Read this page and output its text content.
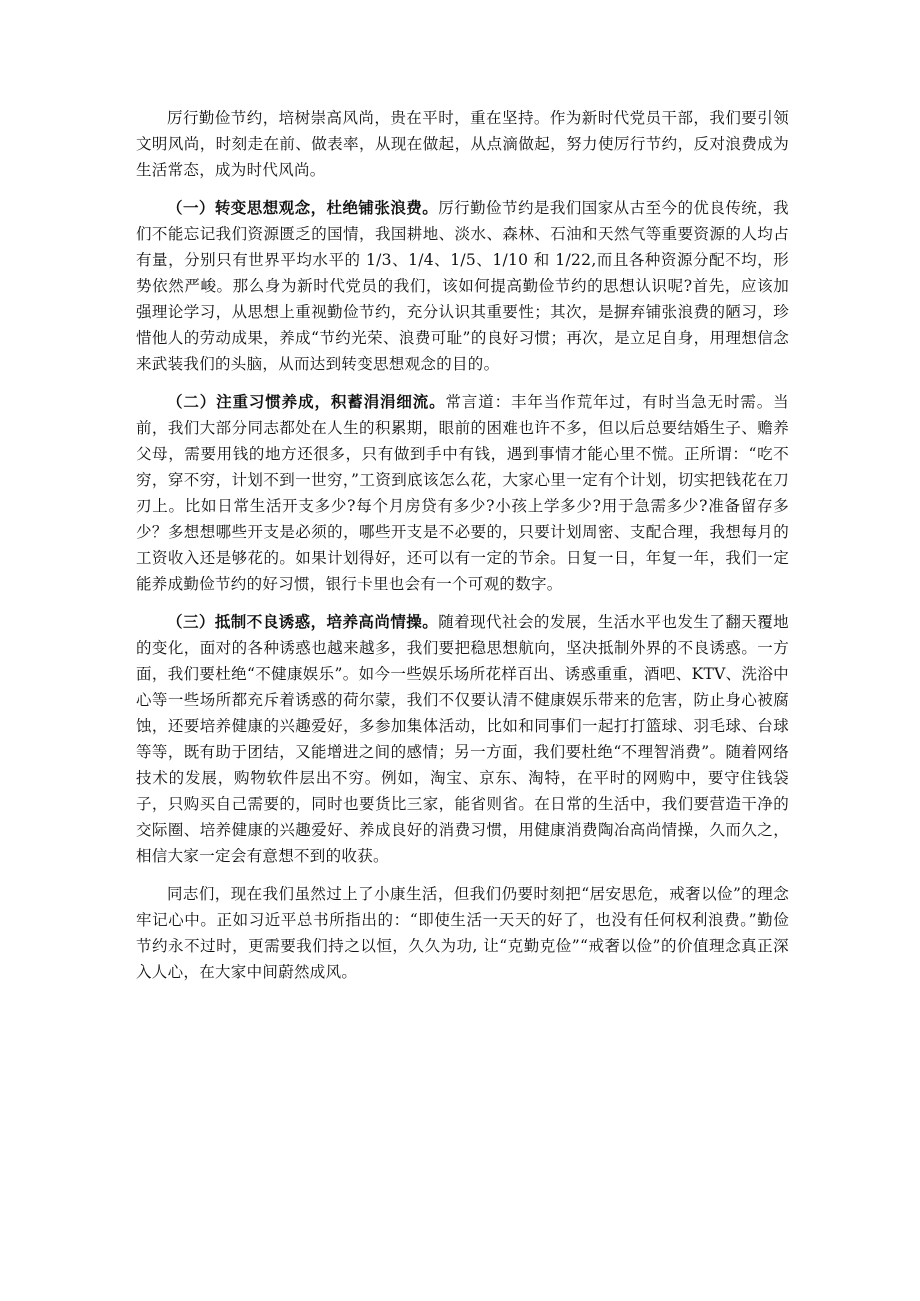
厉行勤俭节约，培树崇高风尚，贵在平时，重在坚持。作为新时代党员干部，我们要引领文明风尚，时刻走在前、做表率，从现在做起，从点滴做起，努力使厉行节约，反对浪费成为生活常态，成为时代风尚。

（一）转变思想观念，杜绝铺张浪费。厉行勤俭节约是我们国家从古至今的优良传统，我们不能忘记我们资源匮乏的国情，我国耕地、淡水、森林、石油和天然气等重要资源的人均占有量，分别只有世界平均水平的 1/3、1/4、1/5、1/10 和 1/22,而且各种资源分配不均，形势依然严峻。那么身为新时代党员的我们，该如何提高勤俭节约的思想认识呢?首先，应该加强理论学习，从思想上重视勤俭节约，充分认识其重要性；其次，是摒弃铺张浪费的陋习，珍惜他人的劳动成果，养成“节约光荣、浪费可耻”的良好习惯；再次，是立足自身，用理想信念来武装我们的头脑，从而达到转变思想观念的目的。

（二）注重习惯养成，积蓄涓涓细流。常言道：丰年当作荒年过，有时当急无时需。当前，我们大部分同志都处在人生的积累期，眼前的困难也许不多，但以后总要结婚生子、赡养父母，需要用钱的地方还很多，只有做到手中有钱，遇到事情才能心里不慌。正所谓：“吃不穷，穿不穷，计划不到一世穷，”工资到底该怎么花，大家心里一定有个计划，切实把钱花在刀刃上。比如日常生活开支多少?每个月房贷有多少?小孩上学多少?用于急需多少?准备留存多少？多想想哪些开支是必须的，哪些开支是不必要的，只要计划周密、支配合理，我想每月的工资收入还是够花的。如果计划得好，还可以有一定的节余。日复一日，年复一年，我们一定能养成勤俭节约的好习惯，银行卡里也会有一个可观的数字。

（三）抵制不良诱惑，培养高尚情操。随着现代社会的发展，生活水平也发生了翻天覆地的变化，面对的各种诱惑也越来越多，我们要把稳思想航向，坚决抵制外界的不良诱惑。一方面，我们要杜绝“不健康娱乐”。如今一些娱乐场所花样百出、诱惑重重，酒吧、KTV、洗浴中心等一些场所都充斥着诱惑的荷尔蒙，我们不仅要认清不健康娱乐带来的危害，防止身心被腐蚀，还要培养健康的兴趣爱好，多参加集体活动，比如和同事们一起打打篮球、羽毛球、台球等等，既有助于团结，又能增进之间的感情；另一方面，我们要杜绝“不理智消费”。随着网络技术的发展，购物软件层出不穷。例如，淘宝、京东、淘特，在平时的网购中，要守住钱袋子，只购买自己需要的，同时也要货比三家，能省则省。在日常的生活中，我们要营造干净的交际圈、培养健康的兴趣爱好、养成良好的消费习惯，用健康消费陶冶高尚情操，久而久之，相信大家一定会有意想不到的收获。

同志们，现在我们虽然过上了小康生活，但我们仍要时刻把“居安思危，戒奢以俭”的理念牢记心中。正如习近平总书所指出的：“即使生活一天天的好了，也没有任何权利浪费。”勤俭节约永不过时，更需要我们持之以恒，久久为功, 让“克勤克俭”“戒奢以俭”的价值理念真正深入人心，在大家中间蔚然成风。
